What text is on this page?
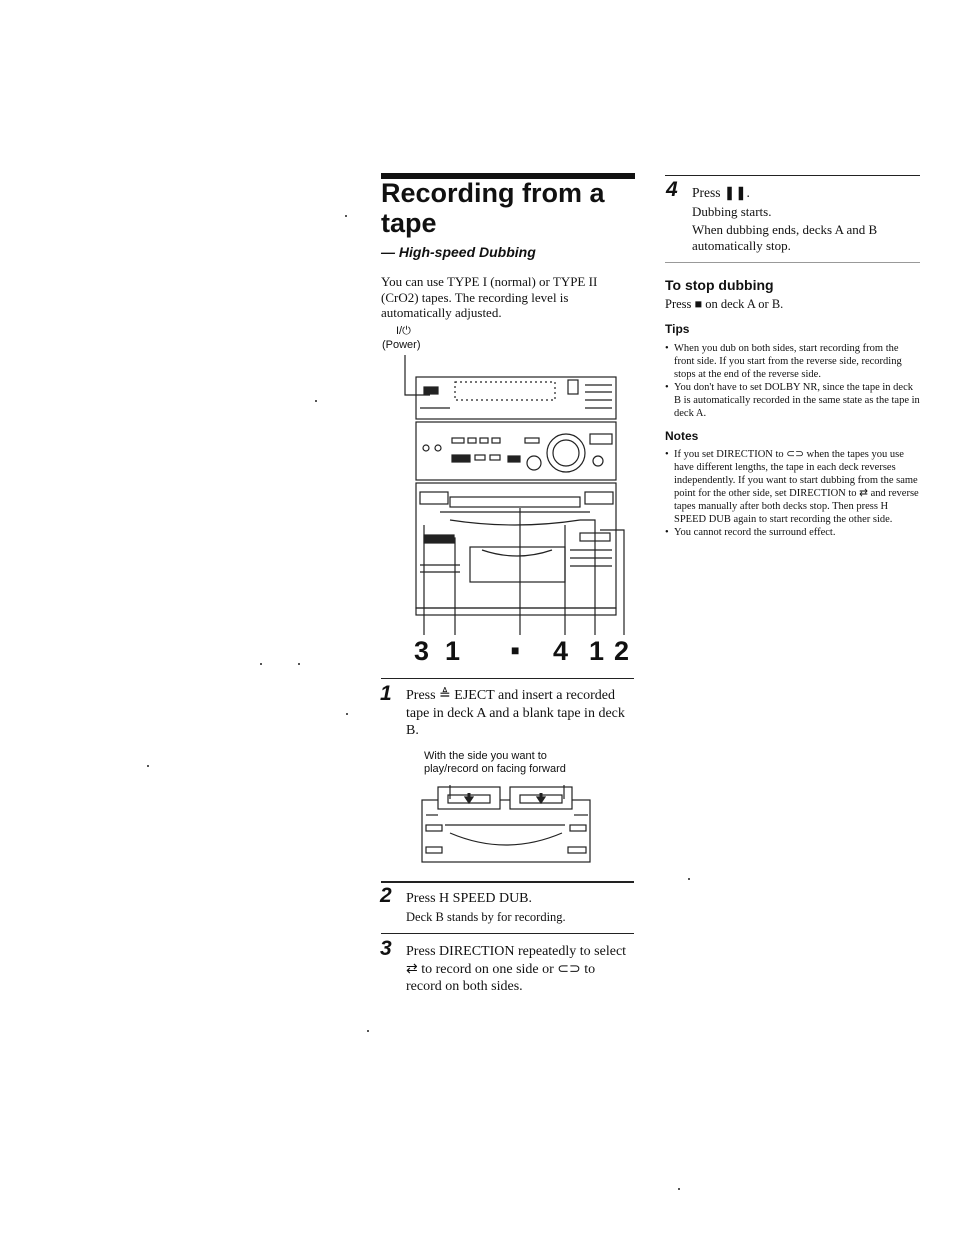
Recording from a tape
— High-speed Dubbing
You can use TYPE I (normal) or TYPE II (CrO2) tapes. The recording level is automatically adjusted.
I/⏻
(Power)
3 1	■ 4 1 2
1 Press ≜ EJECT and insert a recorded tape in deck A and a blank tape in deck B.
With the side you want to play/record on facing forward
2 Press H SPEED DUB.
Deck B stands by for recording.
3 Press DIRECTION repeatedly to select ⇄ to record on one side or ⊂⊃ to record on both sides.
4 Press ❚❚.
Dubbing starts.
When dubbing ends, decks A and B automatically stop.
To stop dubbing
Press ■ on deck A or B.
Tips
• When you dub on both sides, start recording from the front side. If you start from the reverse side, recording stops at the end of the reverse side.
• You don't have to set DOLBY NR, since the tape in deck B is automatically recorded in the same state as the tape in deck A.
Notes
• If you set DIRECTION to ⊂⊃ when the tapes you use have different lengths, the tape in each deck reverses independently. If you want to start dubbing from the same point for the other side, set DIRECTION to ⇄ and reverse tapes manually after both decks stop. Then press H SPEED DUB again to start recording the other side.
• You cannot record the surround effect.
